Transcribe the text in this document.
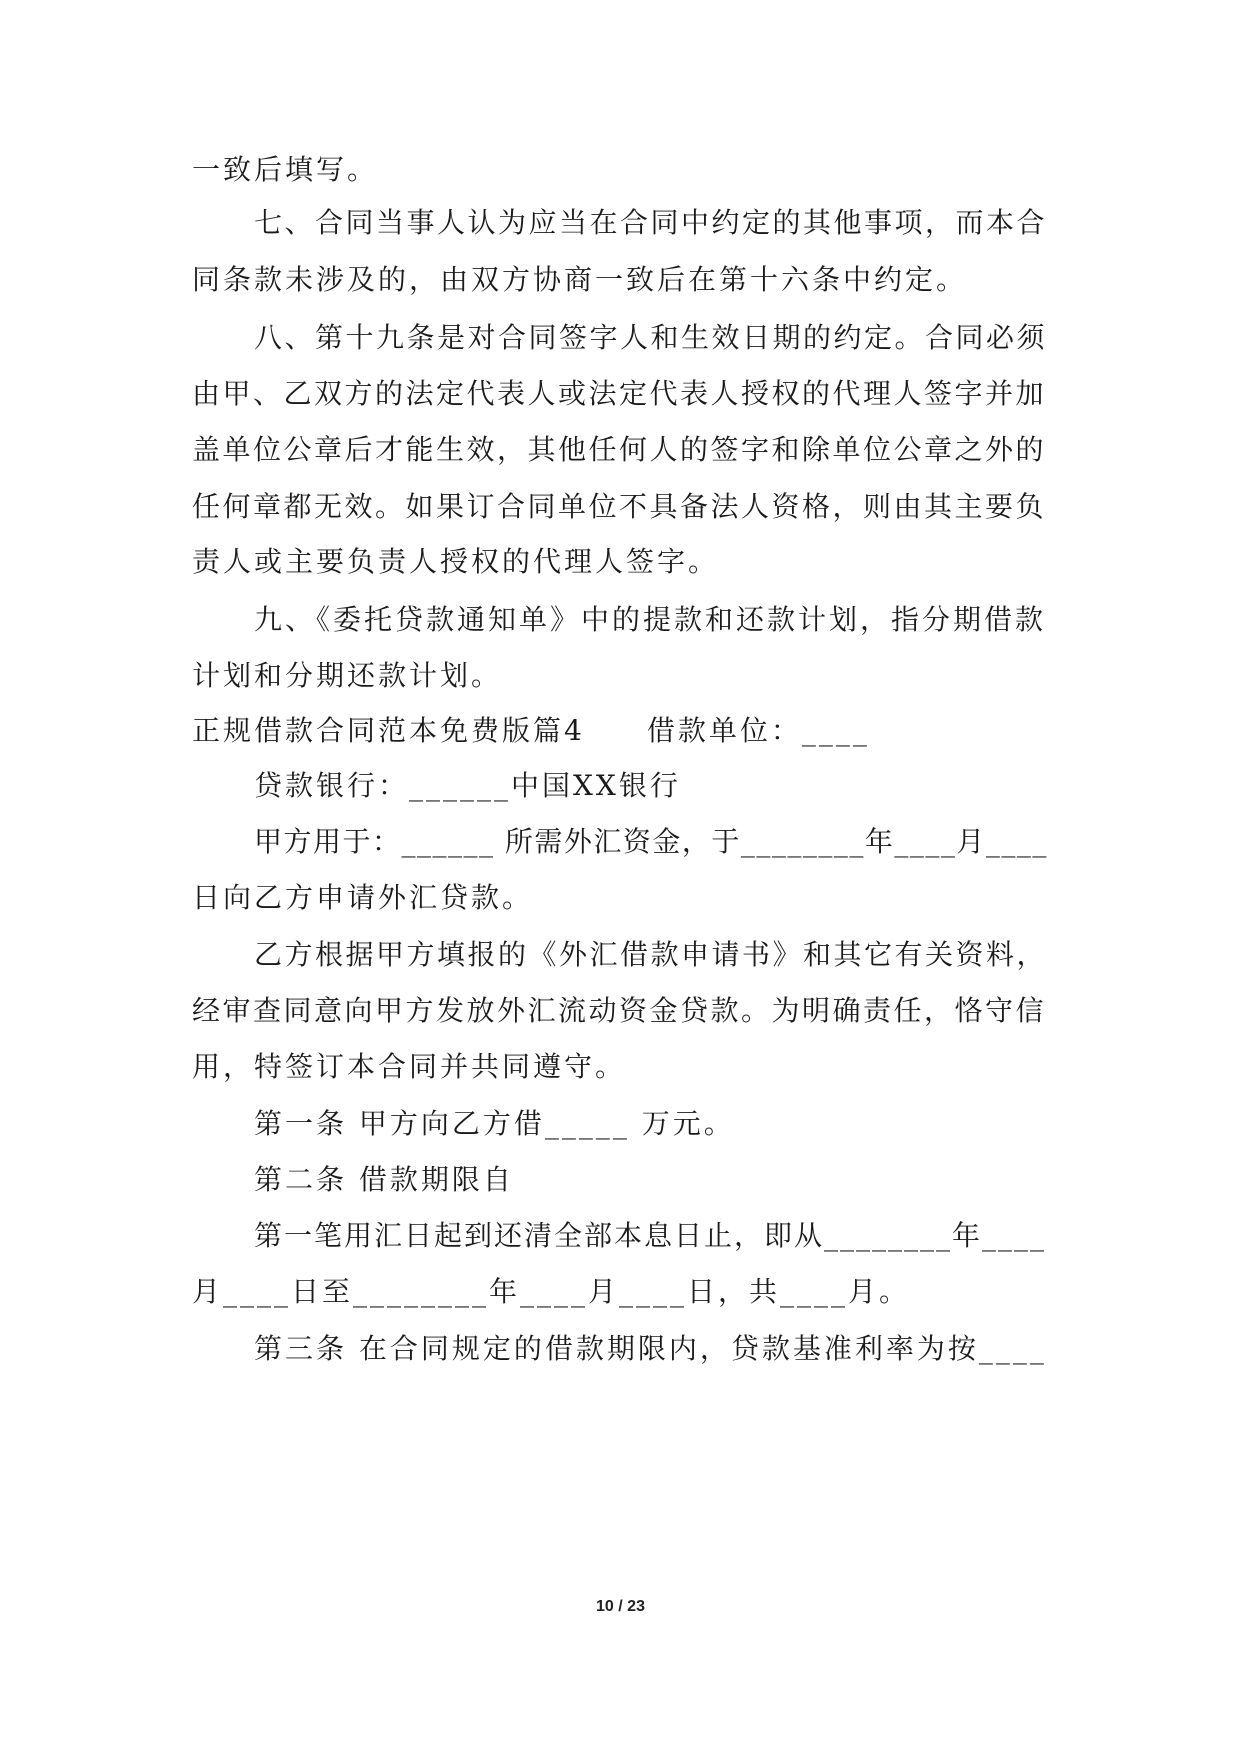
一致后填写。
七、合同当事人认为应当在合同中约定的其他事项，而本合
同条款未涉及的，由双方协商一致后在第十六条中约定。
八、第十九条是对合同签字人和生效日期的约定。合同必须
由甲、乙双方的法定代表人或法定代表人授权的代理人签字并加
盖单位公章后才能生效，其他任何人的签字和除单位公章之外的
任何章都无效。如果订合同单位不具备法人资格，则由其主要负
责人或主要负责人授权的代理人签字。
九、《委托贷款通知单》中的提款和还款计划，指分期借款
计划和分期还款计划。
正规借款合同范本免费版篇4　　借款单位：____
贷款银行：______中国XX银行
甲方用于：______ 所需外汇资金，于________年____月____
日向乙方申请外汇贷款。
乙方根据甲方填报的《外汇借款申请书》和其它有关资料，
经审查同意向甲方发放外汇流动资金贷款。为明确责任，恪守信
用，特签订本合同并共同遵守。
第一条 甲方向乙方借_____ 万元。
第二条 借款期限自
第一笔用汇日起到还清全部本息日止，即从________年____
月____日至________年____月____日，共____月。
第三条 在合同规定的借款期限内，贷款基准利率为按____
10 / 23
